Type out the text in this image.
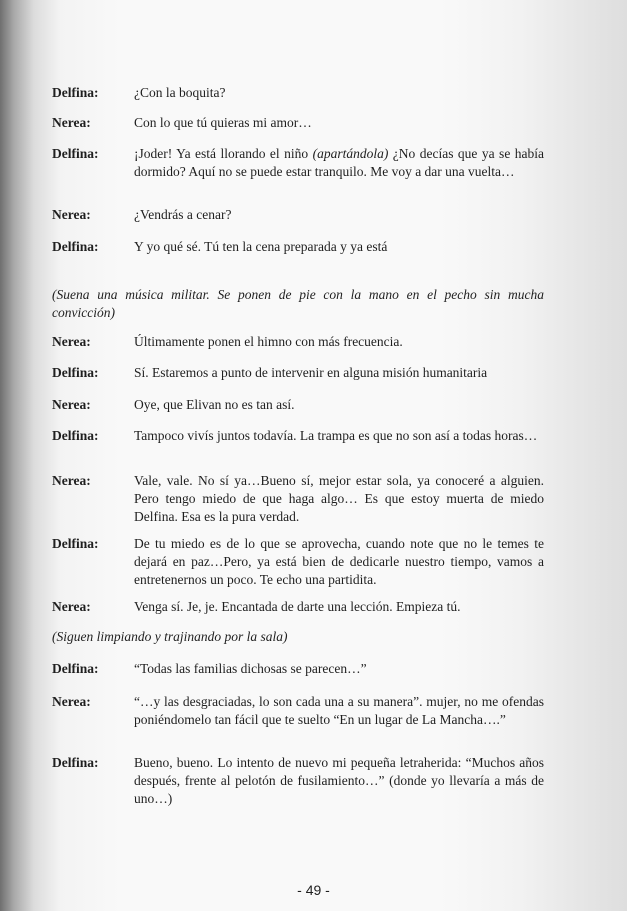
Delfina:	¿Con la boquita?
Nerea:	Con lo que tú quieras mi amor…
Delfina:	¡Joder! Ya está llorando el niño (apartándola) ¿No decías que ya se había dormido? Aquí no se puede estar tranquilo. Me voy a dar una vuelta…
Nerea:	¿Vendrás a cenar?
Delfina:	Y yo qué sé. Tú ten la cena preparada y ya está
(Suena una música militar. Se ponen de pie con la mano en el pecho sin mucha convicción)
Nerea:	Últimamente ponen el himno con más frecuencia.
Delfina:	Sí. Estaremos a punto de intervenir en alguna misión humanitaria
Nerea:	Oye, que Elivan no es tan así.
Delfina:	Tampoco vivís juntos todavía. La trampa es que no son así a todas horas…
Nerea:	Vale, vale. No sí ya…Bueno sí, mejor estar sola, ya conoceré a alguien. Pero tengo miedo de que haga algo… Es que estoy muerta de miedo Delfina. Esa es la pura verdad.
Delfina:	De tu miedo es de lo que se aprovecha, cuando note que no le temes te dejará en paz…Pero, ya está bien de dedicarle nuestro tiempo, vamos a entretenernos un poco. Te echo una partidita.
Nerea:	Venga sí. Je, je. Encantada de darte una lección. Empieza tú.
(Siguen limpiando y trajinando por la sala)
Delfina:	“Todas las familias dichosas se parecen…”
Nerea:	“…y las desgraciadas, lo son cada una a su manera”. mujer, no me ofendas poniéndomelo tan fácil que te suelto “En un lugar de La Mancha….”
Delfina:	Bueno, bueno. Lo intento de nuevo mi pequeña letraherida: “Muchos años después, frente al pelotón de fusilamiento…” (donde yo llevaría a más de uno…)
- 49 -
